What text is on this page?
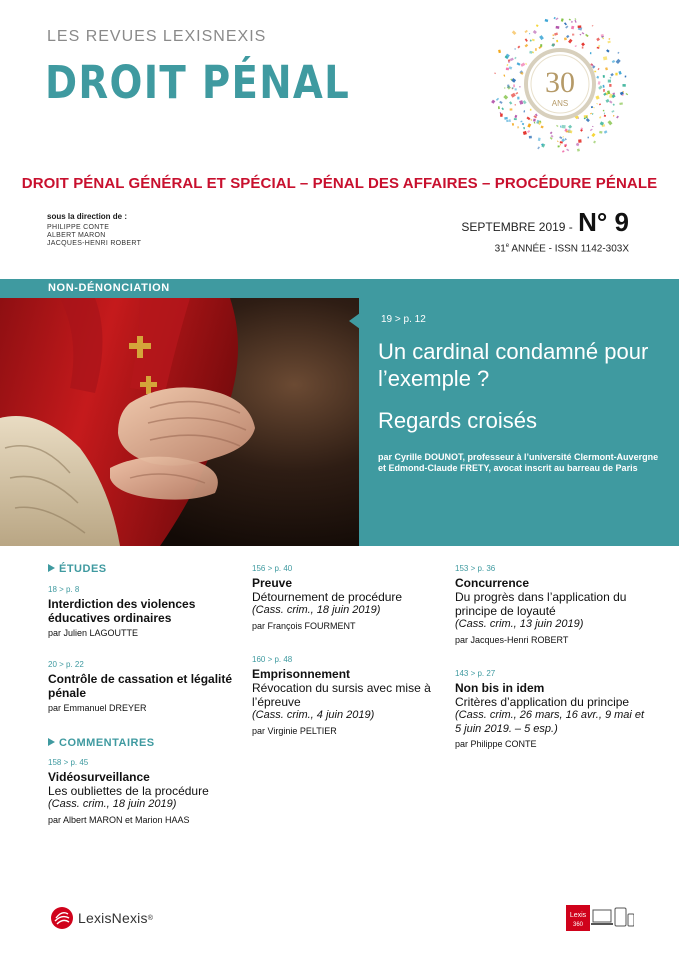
LES REVUES LEXISNEXIS
DROIT PÉNAL	30
ANS
DROIT PÉNAL GÉNÉRAL ET SPÉCIAL – PÉNAL DES AFFAIRES – PROCÉDURE PÉNALE
sous la direction de :
PHILIPPE CONTE
ALBERT MARON
JACQUES-HENRI ROBERT
SEPTEMBRE 2019 - N° 9
31e ANNÉE - ISSN 1142-303X
NON-DÉNONCIATION
19 > p. 12
Un cardinal condamné pour l’exemple ?
Regards croisés
par Cyrille DOUNOT, professeur à l’université Clermont-Auvergne et Edmond-Claude FRETY, avocat inscrit au barreau de Paris
ÉTUDES
18 > p. 8
Interdiction des violences éducatives ordinaires
par Julien LAGOUTTE
20 > p. 22
Contrôle de cassation et légalité pénale
par Emmanuel DREYER
COMMENTAIRES
158 > p. 45
Vidéosurveillance
Les oubliettes de la procédure
(Cass. crim., 18 juin 2019)
par Albert MARON et Marion HAAS
156 > p. 40
Preuve
Détournement de procédure
(Cass. crim., 18 juin 2019)
par François FOURMENT
160 > p. 48
Emprisonnement
Révocation du sursis avec mise à l’épreuve
(Cass. crim., 4 juin 2019)
par Virginie PELTIER
153 > p. 36
Concurrence
Du progrès dans l’application du principe de loyauté
(Cass. crim., 13 juin 2019)
par Jacques-Henri ROBERT
143 > p. 27
Non bis in idem
Critères d’application du principe
(Cass. crim., 26 mars, 16 avr., 9 mai et 5 juin 2019. – 5 esp.)
par Philippe CONTE
LexisNexis ®	Lexis
360
